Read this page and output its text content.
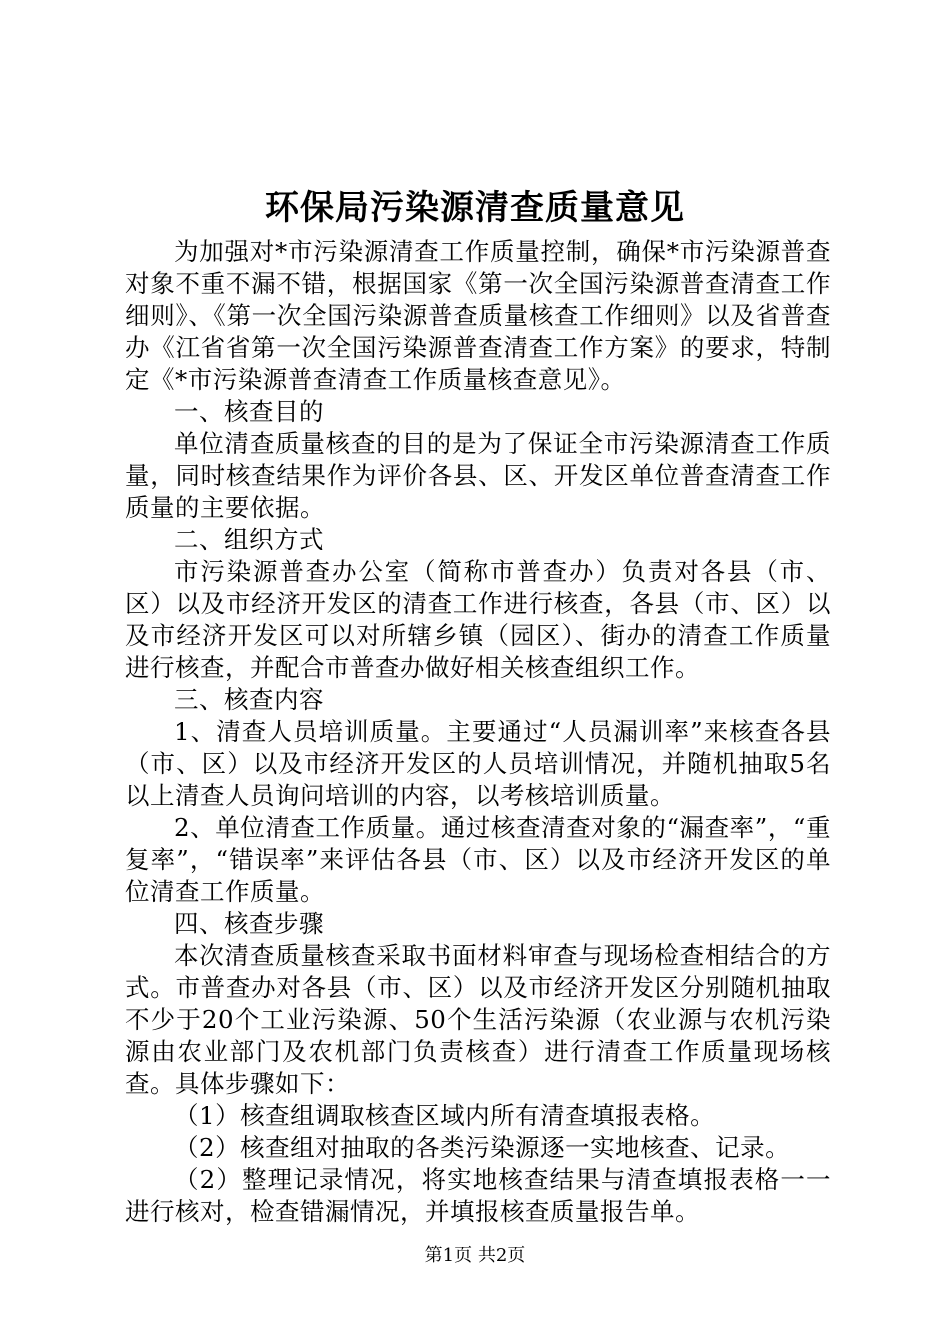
环保局污染源清查质量意见

为加强对*市污染源清查工作质量控制，确保*市污染源普查对象不重不漏不错，根据国家《第一次全国污染源普查清查工作细则》、《第一次全国污染源普查质量核查工作细则》以及省普查办《江省省第一次全国污染源普查清查工作方案》的要求，特制定《*市污染源普查清查工作质量核查意见》。

一、核查目的

单位清查质量核查的目的是为了保证全市污染源清查工作质量，同时核查结果作为评价各县、区、开发区单位普查清查工作质量的主要依据。

二、组织方式

市污染源普查办公室（简称市普查办）负责对各县（市、区）以及市经济开发区的清查工作进行核查，各县（市、区）以及市经济开发区可以对所辖乡镇（园区）、街办的清查工作质量进行核查，并配合市普查办做好相关核查组织工作。

三、核查内容

1、清查人员培训质量。主要通过“人员漏训率”来核查各县（市、区）以及市经济开发区的人员培训情况，并随机抽取5名以上清查人员询问培训的内容，以考核培训质量。

2、单位清查工作质量。通过核查清查对象的“漏查率”，“重复率”，“错误率”来评估各县（市、区）以及市经济开发区的单位清查工作质量。

四、核查步骤

本次清查质量核查采取书面材料审查与现场检查相结合的方式。市普查办对各县（市、区）以及市经济开发区分别随机抽取不少于20个工业污染源、50个生活污染源（农业源与农机污染源由农业部门及农机部门负责核查）进行清查工作质量现场核查。具体步骤如下：

（1）核查组调取核查区域内所有清查填报表格。

（2）核查组对抽取的各类污染源逐一实地核查、记录。

（2）整理记录情况，将实地核查结果与清查填报表格一一进行核对，检查错漏情况，并填报核查质量报告单。

第1页 共2页
